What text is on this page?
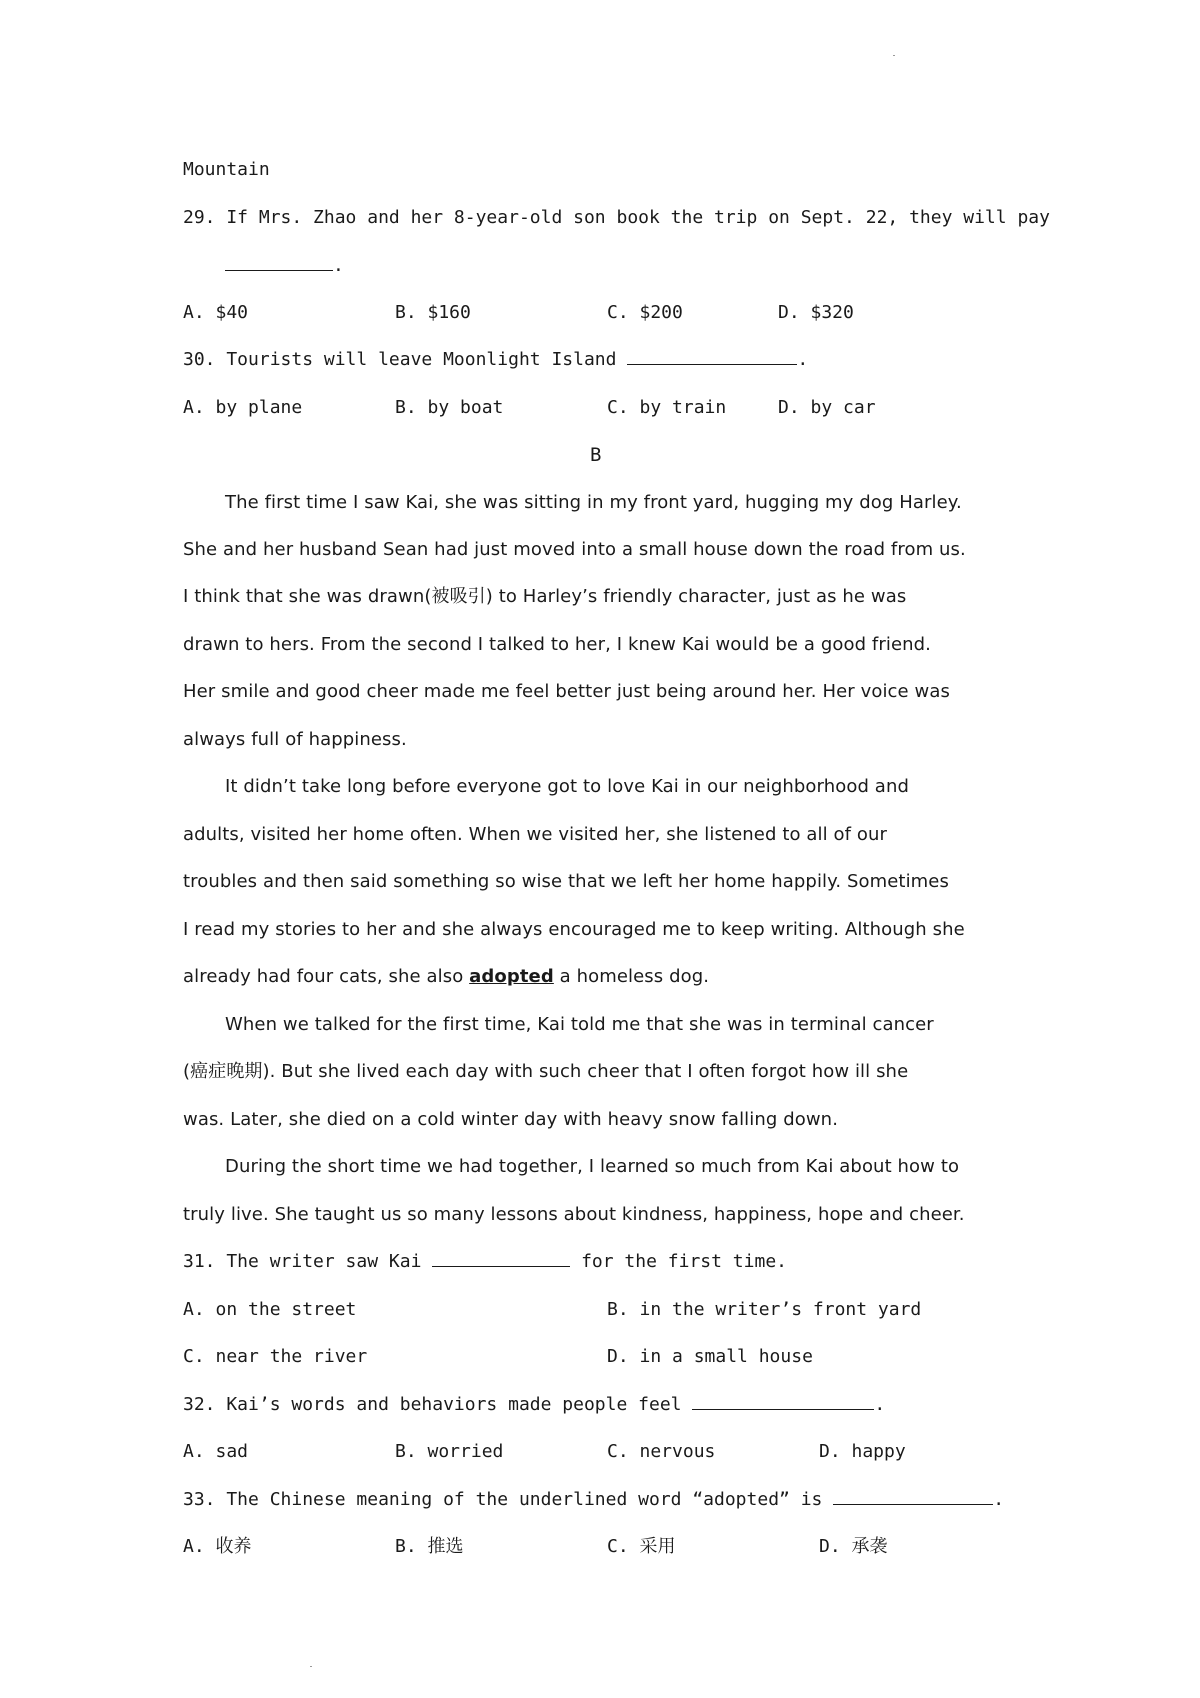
Mountain
29. If Mrs. Zhao and her 8-year-old son book the trip on Sept. 22, they will pay
.
A. $40	B. $160	C. $200	D. $320
30. Tourists will leave Moonlight Island	.
A. by plane	B. by boat	C. by train	D. by car
B
The first time I saw Kai, she was sitting in my front yard, hugging my dog Harley.
She and her husband Sean had just moved into a small house down the road from us.
I think that she was drawn(被吸引) to Harley’s friendly character, just as he was
drawn to hers. From the second I talked to her, I knew Kai would be a good friend.
Her smile and good cheer made me feel better just being around her. Her voice was
always full of happiness.
It didn’t take long before everyone got to love Kai in our neighborhood and
adults, visited her home often. When we visited her, she listened to all of our
troubles and then said something so wise that we left her home happily. Sometimes
I read my stories to her and she always encouraged me to keep writing. Although she
already had four cats, she also adopted a homeless dog.
When we talked for the first time, Kai told me that she was in terminal cancer
(癌症晚期). But she lived each day with such cheer that I often forgot how ill she
was. Later, she died on a cold winter day with heavy snow falling down.
During the short time we had together, I learned so much from Kai about how to
truly live. She taught us so many lessons about kindness, happiness, hope and cheer.
31. The writer saw Kai	for the first time.
A. on the street	B. in the writer’s front yard
C. near the river	D. in a small house
32. Kai’s words and behaviors made people feel	.
A. sad	B. worried	C. nervous	D. happy
33. The Chinese meaning of the underlined word “adopted” is	.
A. 收养	B. 推选	C. 采用	D. 承袭
